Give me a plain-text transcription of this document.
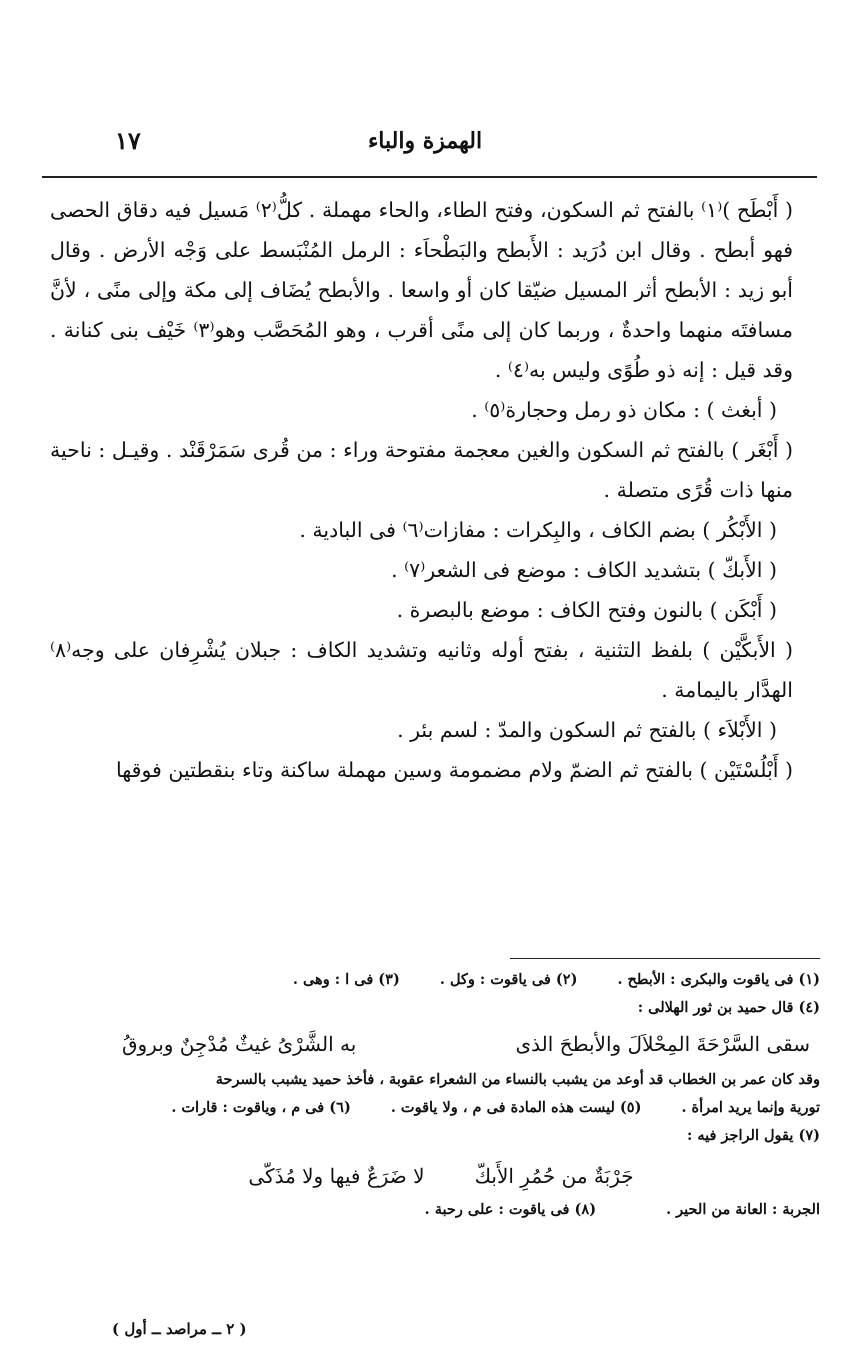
الهمزة والباء
١٧

( أَبْطَح )⁽١⁾ بالفتح ثم السكون، وفتح الطاء، والحاء مهملة . كلُّ⁽٢⁾ مَسيل فيه دقاق الحصى فهو أبطح . وقال ابن دُرَيد : الأَبطح والبَطْحاَء : الرمل المُنْبَسط على وَجْه الأرض . وقال أبو زيد : الأبطح أثر المسيل ضيّقا كان أو واسعا . والأبطح يُضَاف إلى مكة وإلى منًى ، لأنَّ مسافتَه منهما واحدةٌ ، وربما كان إلى منًى أقرب ، وهو المُحَصَّب وهو⁽٣⁾ خَيْف بنى كنانة . وقد قيل : إنه ذو طُوًى وليس به⁽٤⁾ .

( أبغث ) : مكان ذو رمل وحجارة⁽٥⁾ .

( أَبْغَر ) بالفتح ثم السكون والغين معجمة مفتوحة وراء : من قُرى سَمَرْقَنْد . وقيـل : ناحية منها ذات قُرًى متصلة .

( الأَبْكُر ) بضم الكاف ، والبِكرات : مفازات⁽٦⁾ فى البادية .

( الأَبكّ ) بتشديد الكاف : موضع فى الشعر⁽٧⁾ .

( أَبْكَن ) بالنون وفتح الكاف : موضع بالبصرة .

( الأَبكَّيْن ) بلفظ التثنية ، بفتح أوله وثانيه وتشديد الكاف : جبلان يُشْرِفان على وجه⁽٨⁾ الهدَّار باليمامة .

( الأَبْلاَء ) بالفتح ثم السكون والمدّ : لسم بئر .

( أَبْلُسْتَيْن ) بالفتح ثم الضمّ ولام مضمومة وسين مهملة ساكنة وتاء بنقطتين فوقها

(١) فى ياقوت والبكرى : الأبطح .
(٢) فى ياقوت : وكل .
(٣) فى ا : وهى .

(٤) قال حميد بن ثور الهلالى :

سقى السَّرْحَةَ المِحْلاَلَ والأبطحَ الذى
به الشَّرْىُ غيثٌ مُدْجِنٌ وبروقُ

وقد كان عمر بن الخطاب قد أوعد من يشبب بالنساء من الشعراء عقوبة ، فأخذ حميد يشبب بالسرحة

تورية وإنما يريد امرأة .
(٥) ليست هذه المادة فى م ، ولا ياقوت .
(٦) فى م ، وياقوت : قارات .

(٧) يقول الراجز فيه :

جَرْبَةٌ من حُمُرِ الأَبكّ
لا ضَرَعٌ فيها ولا مُذَكّى
الجربة : العانة من الحير .
(٨) فى ياقوت : على رحبة .
( ٢ ــ مراصد ــ أول )
